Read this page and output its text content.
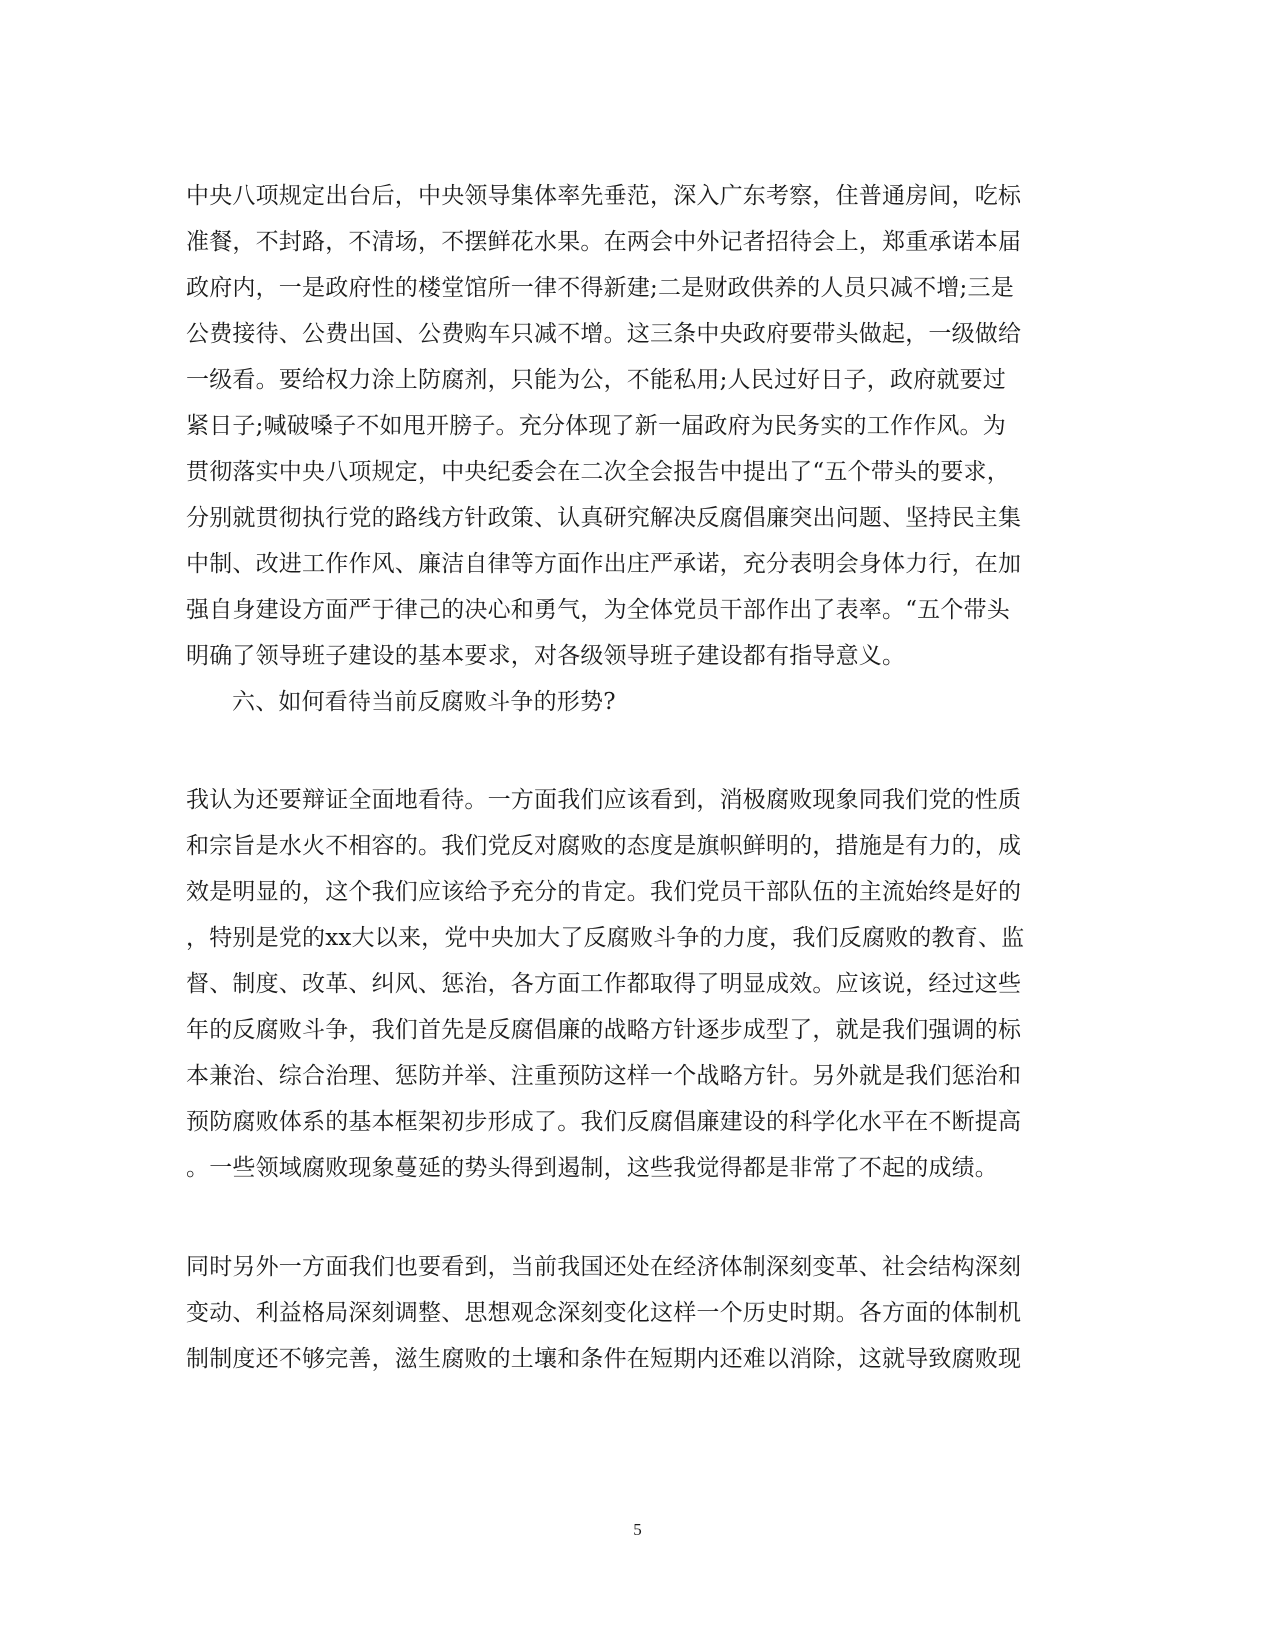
中央八项规定出台后，中央领导集体率先垂范，深入广东考察，住普通房间，吃标
准餐，不封路，不清场，不摆鲜花水果。在两会中外记者招待会上，郑重承诺本届
政府内，一是政府性的楼堂馆所一律不得新建;二是财政供养的人员只减不增;三是
公费接待、公费出国、公费购车只减不增。这三条中央政府要带头做起，一级做给
一级看。要给权力涂上防腐剂，只能为公，不能私用;人民过好日子，政府就要过
紧日子;喊破嗓子不如甩开膀子。充分体现了新一届政府为民务实的工作作风。为
贯彻落实中央八项规定，中央纪委会在二次全会报告中提出了“五个带头的要求，
分别就贯彻执行党的路线方针政策、认真研究解决反腐倡廉突出问题、坚持民主集
中制、改进工作作风、廉洁自律等方面作出庄严承诺，充分表明会身体力行，在加
强自身建设方面严于律己的决心和勇气，为全体党员干部作出了表率。“五个带头
明确了领导班子建设的基本要求，对各级领导班子建设都有指导意义。
六、如何看待当前反腐败斗争的形势?
我认为还要辩证全面地看待。一方面我们应该看到，消极腐败现象同我们党的性质
和宗旨是水火不相容的。我们党反对腐败的态度是旗帜鲜明的，措施是有力的，成
效是明显的，这个我们应该给予充分的肯定。我们党员干部队伍的主流始终是好的
，特别是党的xx大以来，党中央加大了反腐败斗争的力度，我们反腐败的教育、监
督、制度、改革、纠风、惩治，各方面工作都取得了明显成效。应该说，经过这些
年的反腐败斗争，我们首先是反腐倡廉的战略方针逐步成型了，就是我们强调的标
本兼治、综合治理、惩防并举、注重预防这样一个战略方针。另外就是我们惩治和
预防腐败体系的基本框架初步形成了。我们反腐倡廉建设的科学化水平在不断提高
。一些领域腐败现象蔓延的势头得到遏制，这些我觉得都是非常了不起的成绩。
同时另外一方面我们也要看到，当前我国还处在经济体制深刻变革、社会结构深刻
变动、利益格局深刻调整、思想观念深刻变化这样一个历史时期。各方面的体制机
制制度还不够完善，滋生腐败的土壤和条件在短期内还难以消除，这就导致腐败现
5
